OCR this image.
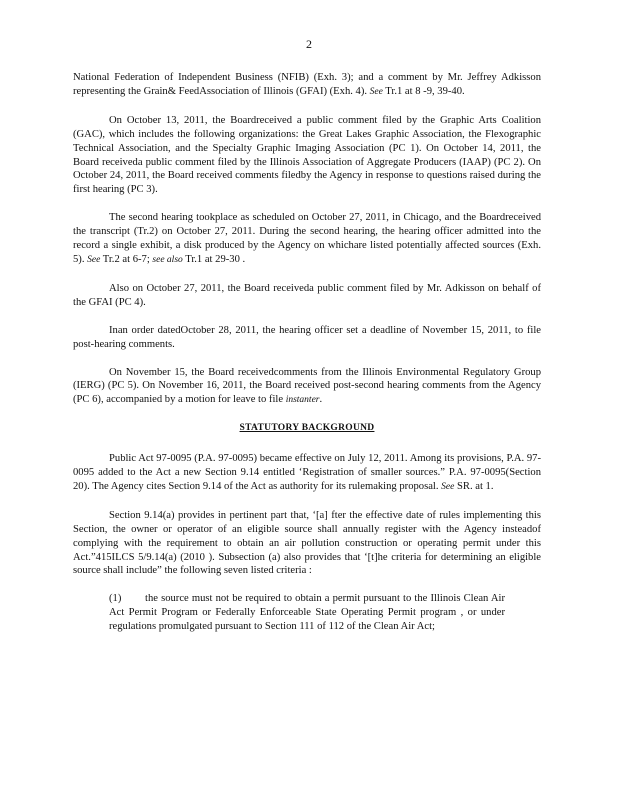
2

National Federation of Independent Business (NFIB) (Exh. 3); and a comment by Mr. Jeffrey Adkisson representing the Grain& FeedAssociation of Illinois (GFAI) (Exh. 4). See Tr.1 at 8 -9, 39-40.

On October 13, 2011, the Boardreceived a public comment filed by the Graphic Arts Coalition (GAC), which includes the following organizations: the Great Lakes Graphic Association, the Flexographic Technical Association, and the Specialty Graphic Imaging Association (PC 1). On October 14, 2011, the Board receiveda public comment filed by the Illinois Association of Aggregate Producers (IAAP) (PC 2). On October 24, 2011, the Board received comments filedby the Agency in response to questions raised during the first hearing (PC 3).

The second hearing tookplace as scheduled on October 27, 2011, in Chicago, and the Boardreceived the transcript (Tr.2) on October 27, 2011. During the second hearing, the hearing officer admitted into the record a single exhibit, a disk produced by the Agency on whichare listed potentially affected sources (Exh. 5). See Tr.2 at 6-7; see also Tr.1 at 29-30 .

Also on October 27, 2011, the Board receiveda public comment filed by Mr. Adkisson on behalf of the GFAI (PC 4).

Inan order datedOctober 28, 2011, the hearing officer set a deadline of November 15, 2011, to file post-hearing comments.

On November 15, the Board receivedcomments from the Illinois Environmental Regulatory Group (IERG) (PC 5). On November 16, 2011, the Board received post-second hearing comments from the Agency (PC 6), accompanied by a motion for leave to file instanter.

STATUTORY BACKGROUND

Public Act 97-0095 (P.A. 97-0095) became effective on July 12, 2011. Among its provisions, P.A. 97-0095 added to the Act a new Section 9.14 entitled ‘Registration of smaller sources.” P.A. 97-0095(Section 20). The Agency cites Section 9.14 of the Act as authority for its rulemaking proposal. See SR. at 1.

Section 9.14(a) provides in pertinent part that, ‘[a] fter the effective date of rules implementing this Section, the owner or operator of an eligible source shall annually register with the Agency insteadof complying with the requirement to obtain an air pollution construction or operating permit under this Act.”415ILCS 5/9.14(a) (2010 ). Subsection (a) also provides that ‘[t]he criteria for determining an eligible source shall include” the following seven listed criteria :

(1) the source must not be required to obtain a permit pursuant to the Illinois Clean Air Act Permit Program or Federally Enforceable State Operating Permit program , or under regulations promulgated pursuant to Section 111 of 112 of the Clean Air Act;
